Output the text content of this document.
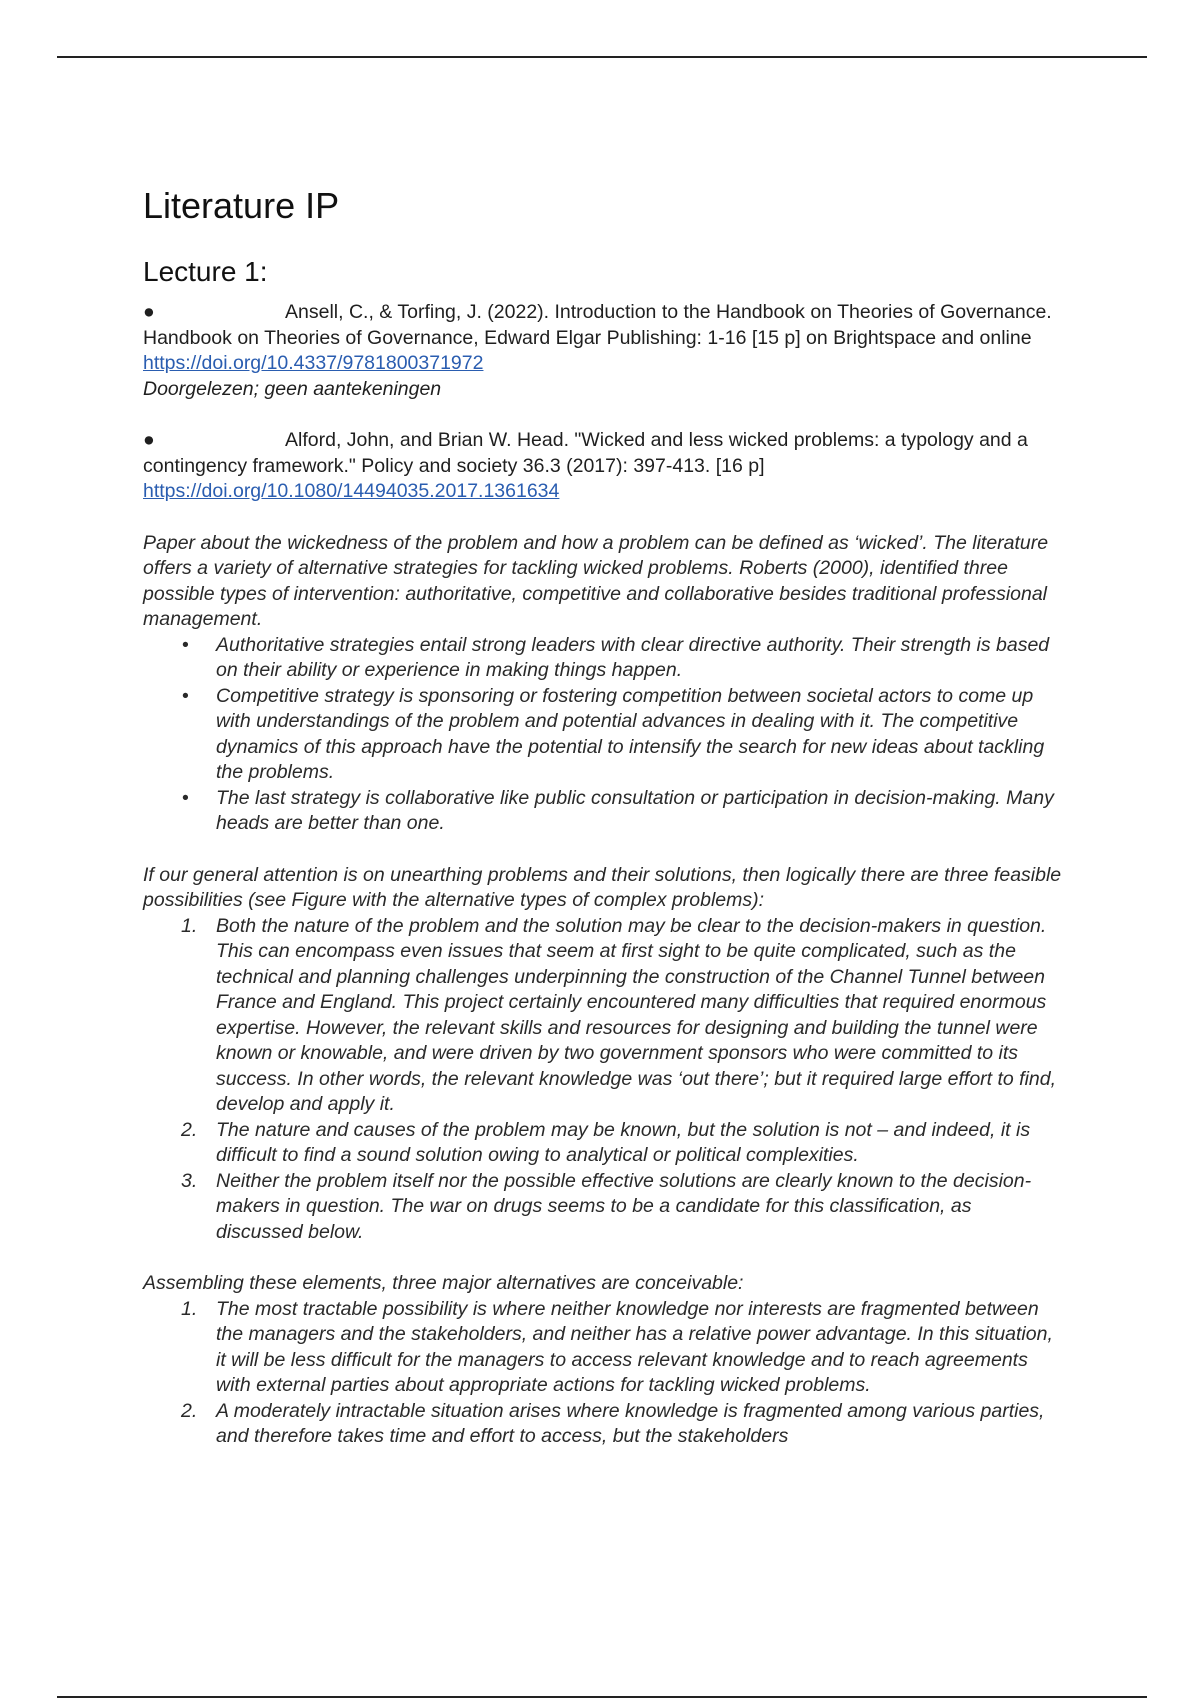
Literature IP
Lecture 1:

●	Ansell, C., & Torfing, J. (2022). Introduction to the Handbook on Theories of Governance. Handbook on Theories of Governance, Edward Elgar Publishing: 1-16 [15 p] on Brightspace and online https://doi.org/10.4337/9781800371972

Doorgelezen; geen aantekeningen

●	Alford, John, and Brian W. Head. "Wicked and less wicked problems: a typology and a contingency framework." Policy and society 36.3 (2017): 397-413. [16 p] https://doi.org/10.1080/14494035.2017.1361634

Paper about the wickedness of the problem and how a problem can be defined as ‘wicked’. The literature offers a variety of alternative strategies for tackling wicked problems. Roberts (2000), identified three possible types of intervention: authoritative, competitive and collaborative besides traditional professional management.

• Authoritative strategies entail strong leaders with clear directive authority. Their strength is based on their ability or experience in making things happen.
• Competitive strategy is sponsoring or fostering competition between societal actors to come up with understandings of the problem and potential advances in dealing with it. The competitive dynamics of this approach have the potential to intensify the search for new ideas about tackling the problems.
• The last strategy is collaborative like public consultation or participation in decision-making. Many heads are better than one.

If our general attention is on unearthing problems and their solutions, then logically there are three feasible possibilities (see Figure with the alternative types of complex problems):

1. Both the nature of the problem and the solution may be clear to the decision-makers in question. This can encompass even issues that seem at first sight to be quite complicated, such as the technical and planning challenges underpinning the construction of the Channel Tunnel between France and England. This project certainly encountered many difficulties that required enormous expertise. However, the relevant skills and resources for designing and building the tunnel were known or knowable, and were driven by two government sponsors who were committed to its success. In other words, the relevant knowledge was ‘out there’; but it required large effort to find, develop and apply it.
2. The nature and causes of the problem may be known, but the solution is not – and indeed, it is difficult to find a sound solution owing to analytical or political complexities.
3. Neither the problem itself nor the possible effective solutions are clearly known to the decision-makers in question. The war on drugs seems to be a candidate for this classification, as discussed below.

Assembling these elements, three major alternatives are conceivable:

1. The most tractable possibility is where neither knowledge nor interests are fragmented between the managers and the stakeholders, and neither has a relative power advantage. In this situation, it will be less difficult for the managers to access relevant knowledge and to reach agreements with external parties about appropriate actions for tackling wicked problems.
2. A moderately intractable situation arises where knowledge is fragmented among various parties, and therefore takes time and effort to access, but the stakeholders
